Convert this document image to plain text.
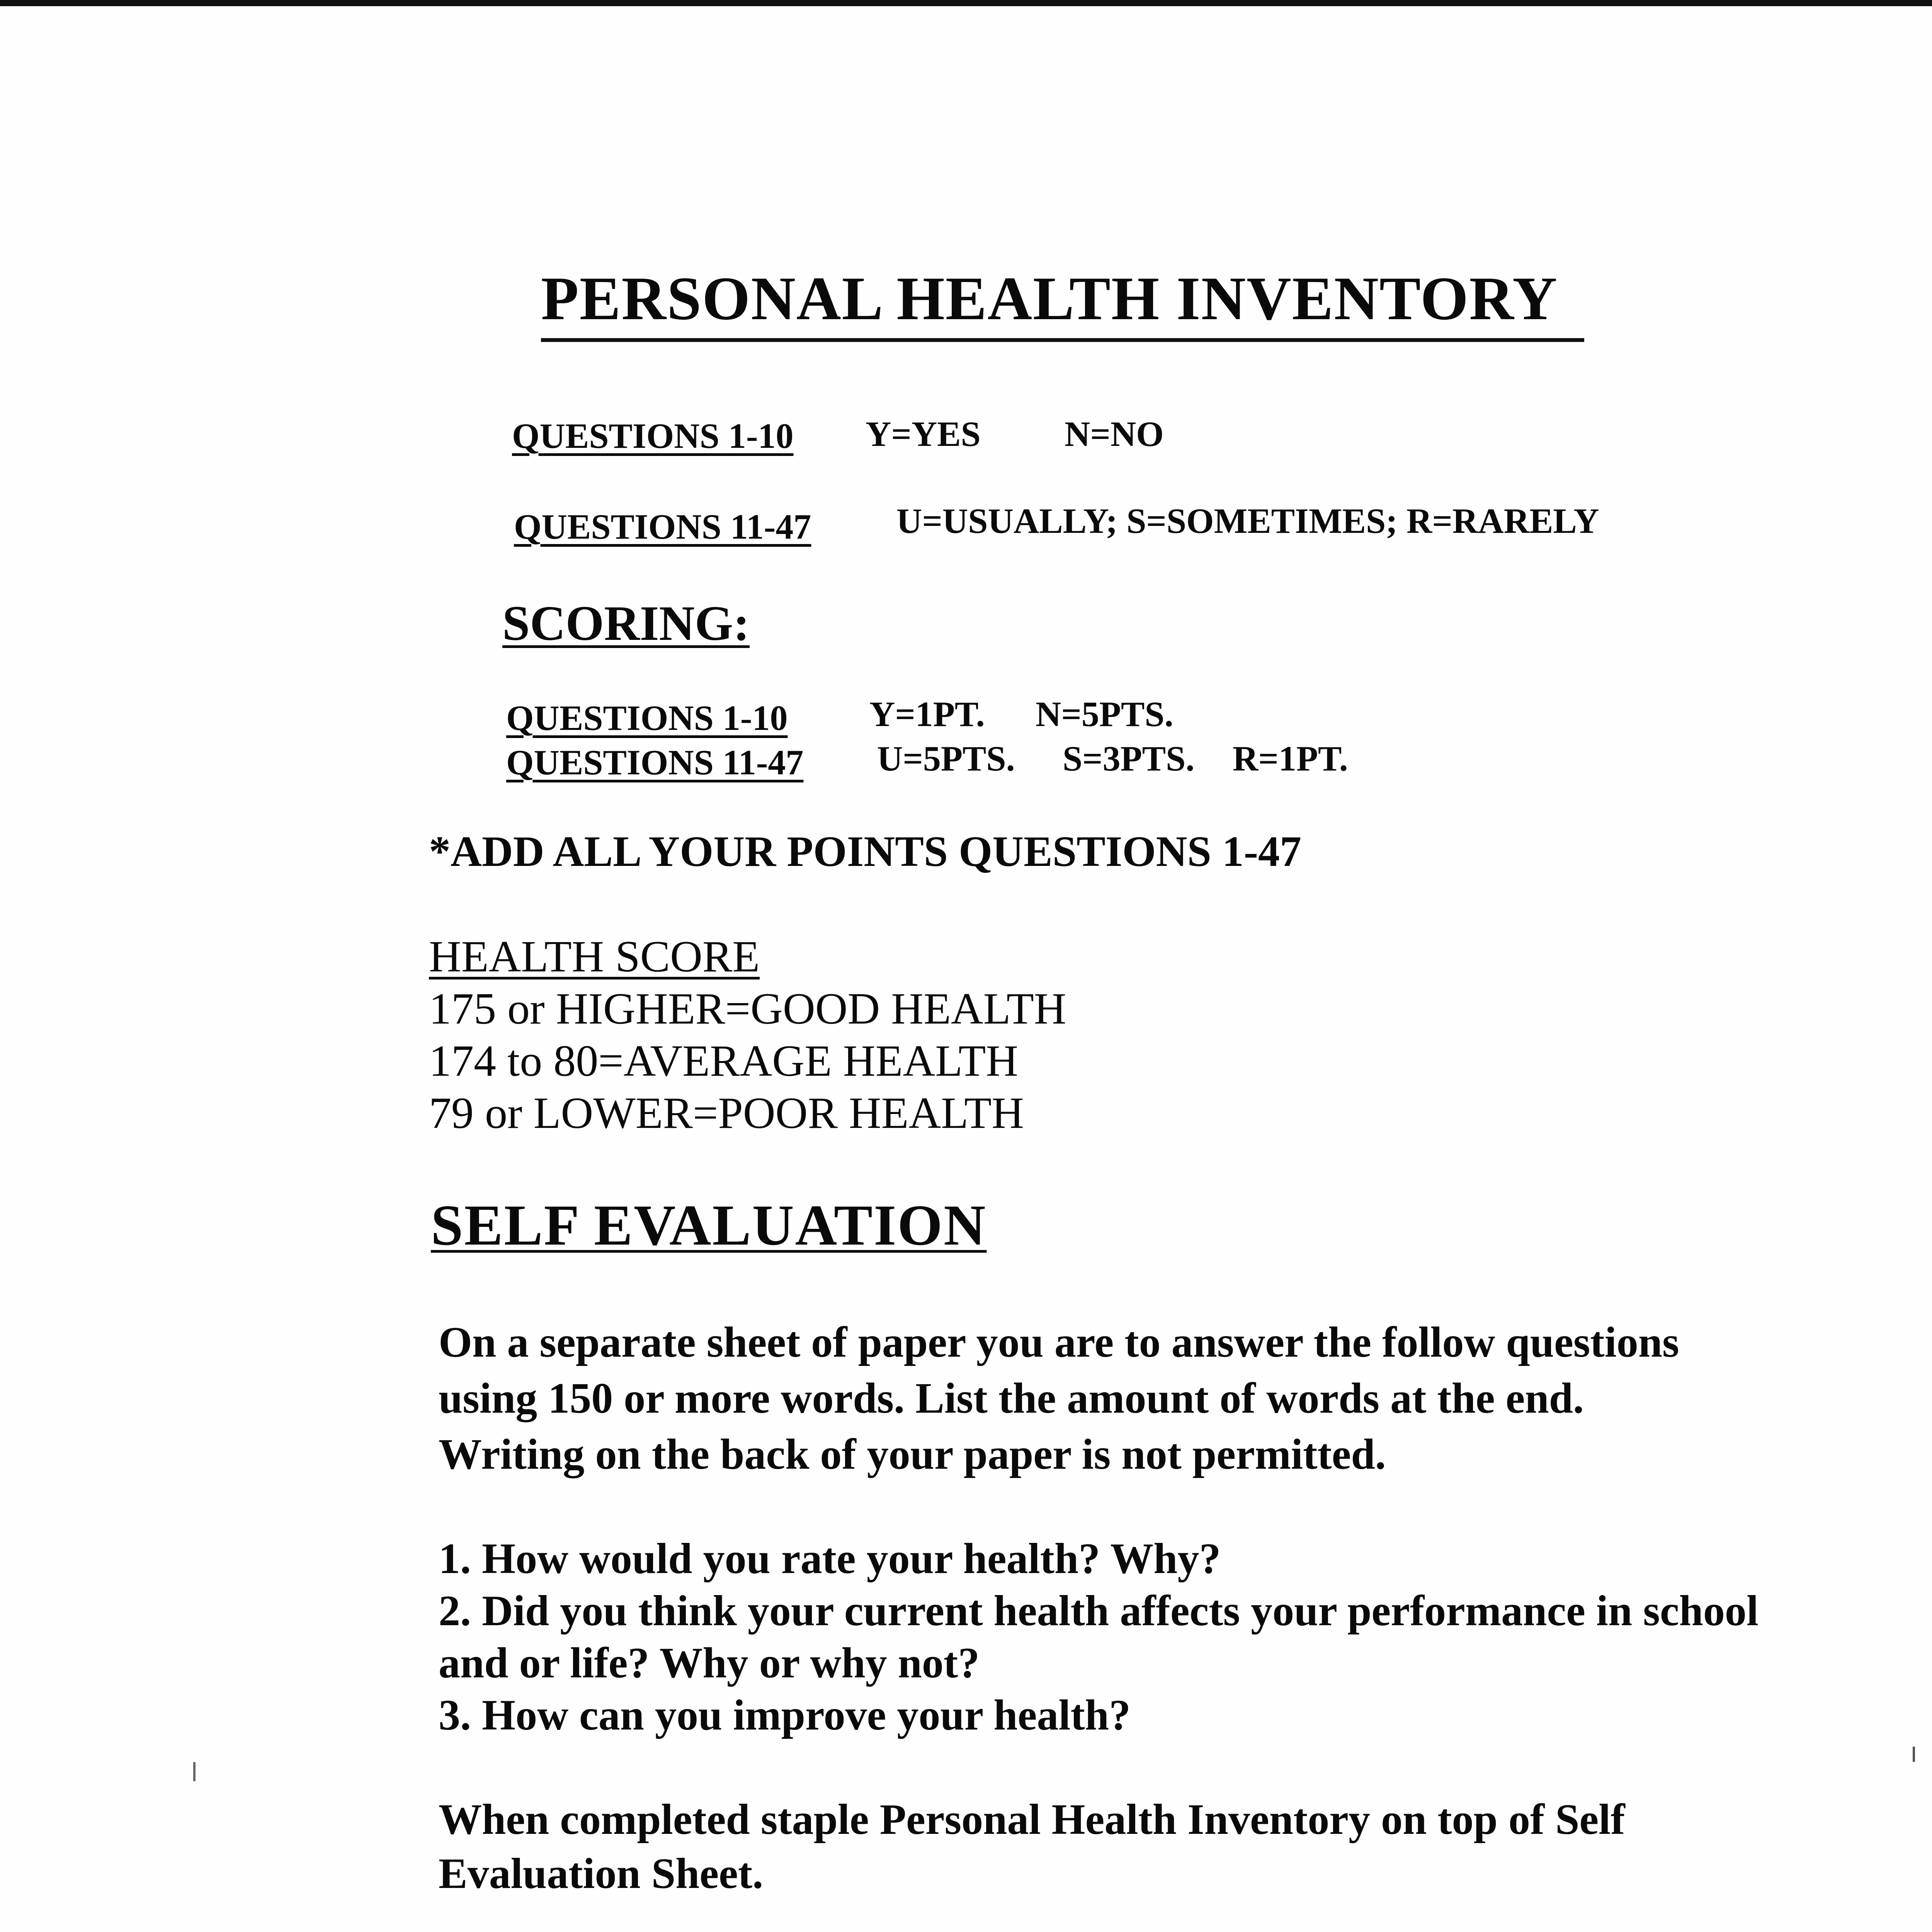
PERSONAL HEALTH INVENTORY
QUESTIONS 1-10 Y=YES N=NO
QUESTIONS 11-47 U=USUALLY; S=SOMETIMES; R=RARELY
SCORING:
QUESTIONS 1-10 Y=1PT. N=5PTS.
QUESTIONS 11-47 U=5PTS. S=3PTS. R=1PT.
*ADD ALL YOUR POINTS QUESTIONS 1-47
HEALTH SCORE
175 or HIGHER=GOOD HEALTH
174 to 80=AVERAGE HEALTH
79 or LOWER=POOR HEALTH
SELF EVALUATION
On a separate sheet of paper you are to answer the follow questions
using 150 or more words. List the amount of words at the end.
Writing on the back of your paper is not permitted.
1. How would you rate your health? Why?
2. Did you think your current health affects your performance in school
and or life? Why or why not?
3. How can you improve your health?
When completed staple Personal Health Inventory on top of Self
Evaluation Sheet.
